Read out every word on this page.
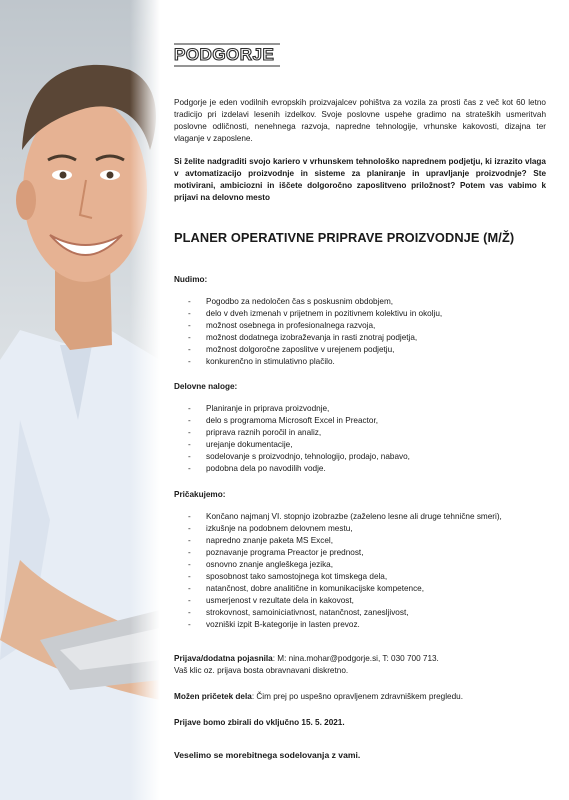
PODGORJE

Podgorje je eden vodilnih evropskih proizvajalcev pohištva za vozila za prosti čas z več kot 60 letno tradicijo pri izdelavi lesenih izdelkov. Svoje poslovne uspehe gradimo na strateških usmeritvah poslovne odličnosti, nenehnega razvoja, napredne tehnologije, vrhunske kakovosti, dizajna ter vlaganje v zaposlene.

Si želite nadgraditi svojo kariero v vrhunskem tehnološko naprednem podjetju, ki izrazito vlaga v avtomatizacijo proizvodnje in sisteme za planiranje in upravljanje proizvodnje? Ste motivirani, ambiciozni in iščete dolgoročno zaposlitveno priložnost? Potem vas vabimo k prijavi na delovno mesto

PLANER OPERATIVNE PRIPRAVE PROIZVODNJE (M/Ž)

Nudimo:

- Pogodbo za nedoločen čas s poskusnim obdobjem,
- delo v dveh izmenah v prijetnem in pozitivnem kolektivu in okolju,
- možnost osebnega in profesionalnega razvoja,
- možnost dodatnega izobraževanja in rasti znotraj podjetja,
- možnost dolgoročne zaposlitve v urejenem podjetju,
- konkurenčno in stimulativno plačilo.

Delovne naloge:

- Planiranje in priprava proizvodnje,
- delo s programoma Microsoft Excel in Preactor,
- priprava raznih poročil in analiz,
- urejanje dokumentacije,
- sodelovanje s proizvodnjo, tehnologijo, prodajo, nabavo,
- podobna dela po navodilih vodje.

Pričakujemo:

- Končano najmanj VI. stopnjo izobrazbe (zaželeno lesne ali druge tehnične smeri),
- izkušnje na podobnem delovnem mestu,
- napredno znanje paketa MS Excel,
- poznavanje programa Preactor je prednost,
- osnovno znanje angleškega jezika,
- sposobnost tako samostojnega kot timskega dela,
- natančnost, dobre analitične in komunikacijske kompetence,
- usmerjenost v rezultate dela in kakovost,
- strokovnost, samoiniciativnost, natančnost, zanesljivost,
- vozniški izpit B-kategorije in lasten prevoz.

Prijava/dodatna pojasnila: M: nina.mohar@podgorje.si, T: 030 700 713.

Vaš klic oz. prijava bosta obravnavani diskretno.

Možen pričetek dela: Čim prej po uspešno opravljenem zdravniškem pregledu.

Prijave bomo zbirali do vključno 15. 5. 2021.

Veselimo se morebitnega sodelovanja z vami.
